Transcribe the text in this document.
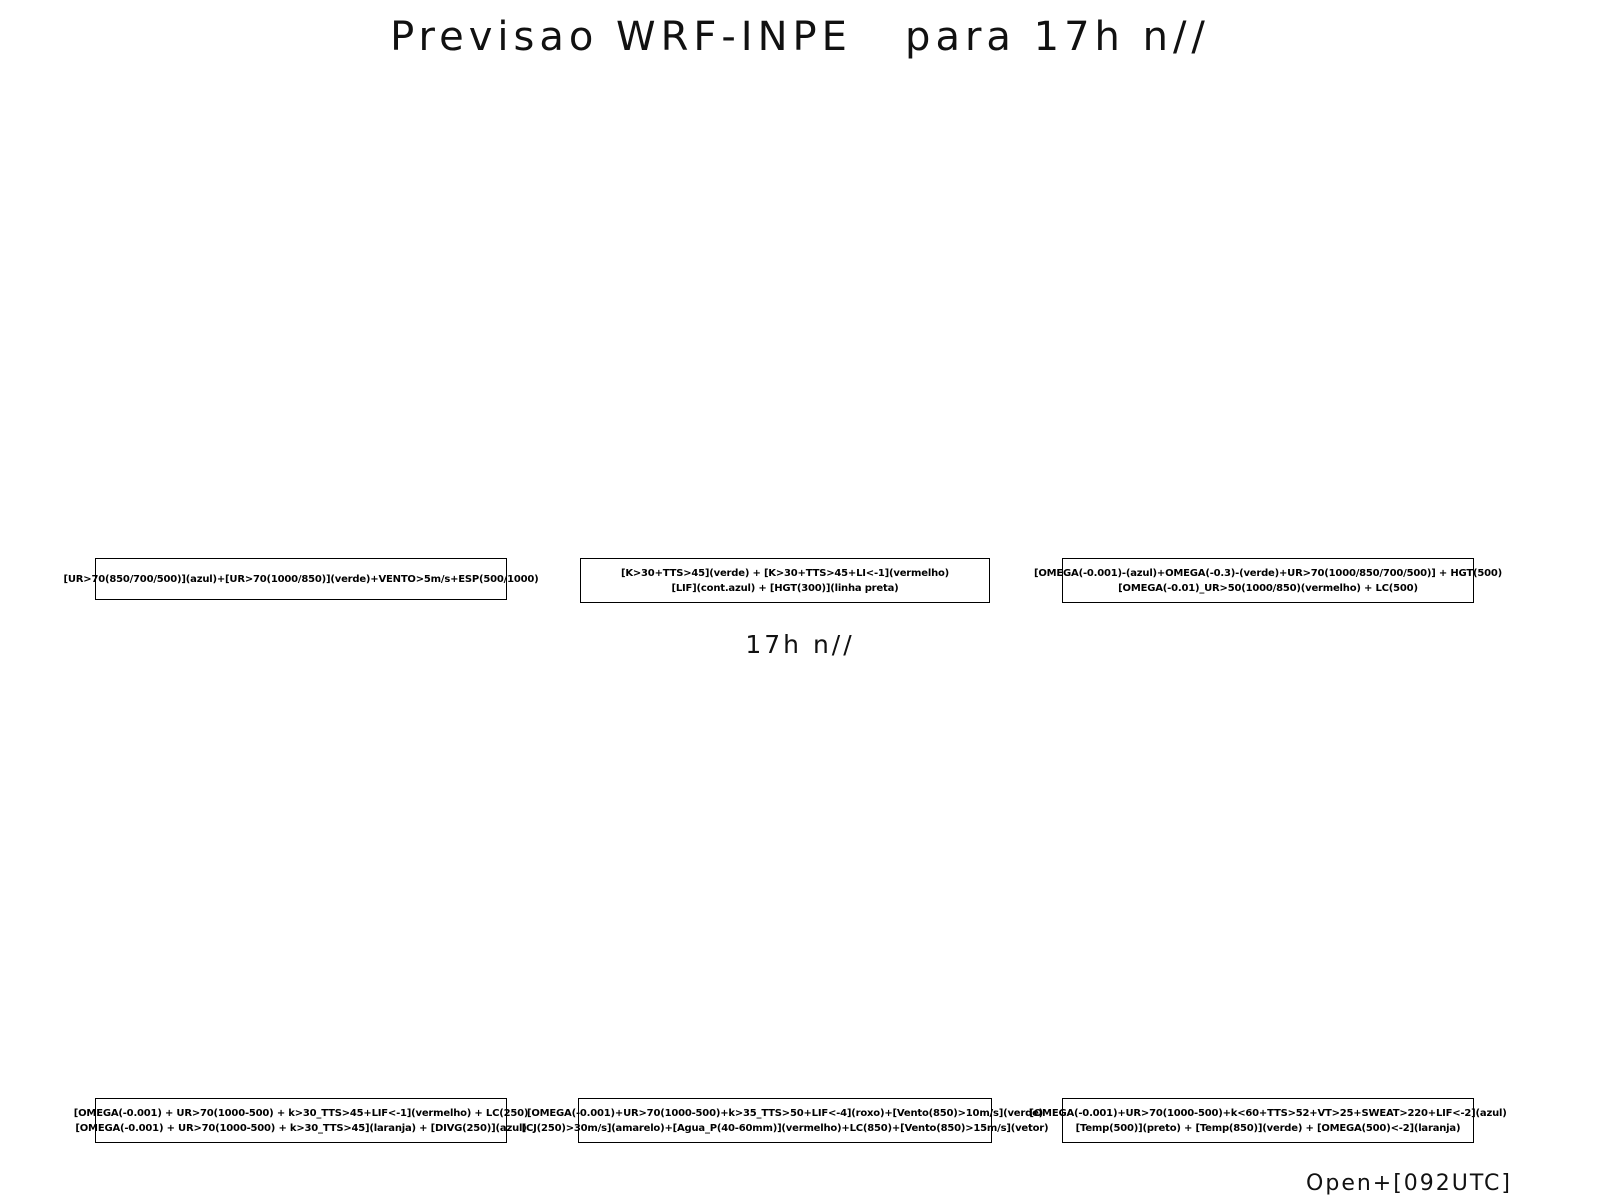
Previsao WRF-INPE   para 17h n//
[UR>70(850/700/500)](azul)+[UR>70(1000/850)](verde)+VENTO>5m/s+ESP(500/1000)
[K>30+TTS>45](verde) + [K>30+TTS>45+LI<-1](vermelho)
[LIF](cont.azul) + [HGT(300)](linha preta)
[OMEGA(-0.001)-(azul)+OMEGA(-0.3)-(verde)+UR>70(1000/850/700/500)] + HGT(500)
[OMEGA(-0.01)_UR>50(1000/850)(vermelho) + LC(500)
17h n//
[OMEGA(-0.001) + UR>70(1000-500) + k>30_TTS>45+LIF<-1](vermelho) + LC(250)
[OMEGA(-0.001) + UR>70(1000-500) + k>30_TTS>45](laranja) + [DIVG(250)](azul)
[OMEGA(-0.001)+UR>70(1000-500)+k>35_TTS>50+LIF<-4](roxo)+[Vento(850)>10m/s](verde)
[CJ(250)>30m/s](amarelo)+[Agua_P(40-60mm)](vermelho)+LC(850)+[Vento(850)>15m/s](vetor)
[OMEGA(-0.001)+UR>70(1000-500)+k<60+TTS>52+VT>25+SWEAT>220+LIF<-2](azul)
[Temp(500)](preto) + [Temp(850)](verde) + [OMEGA(500)<-2](laranja)
Open+[092UTC]
